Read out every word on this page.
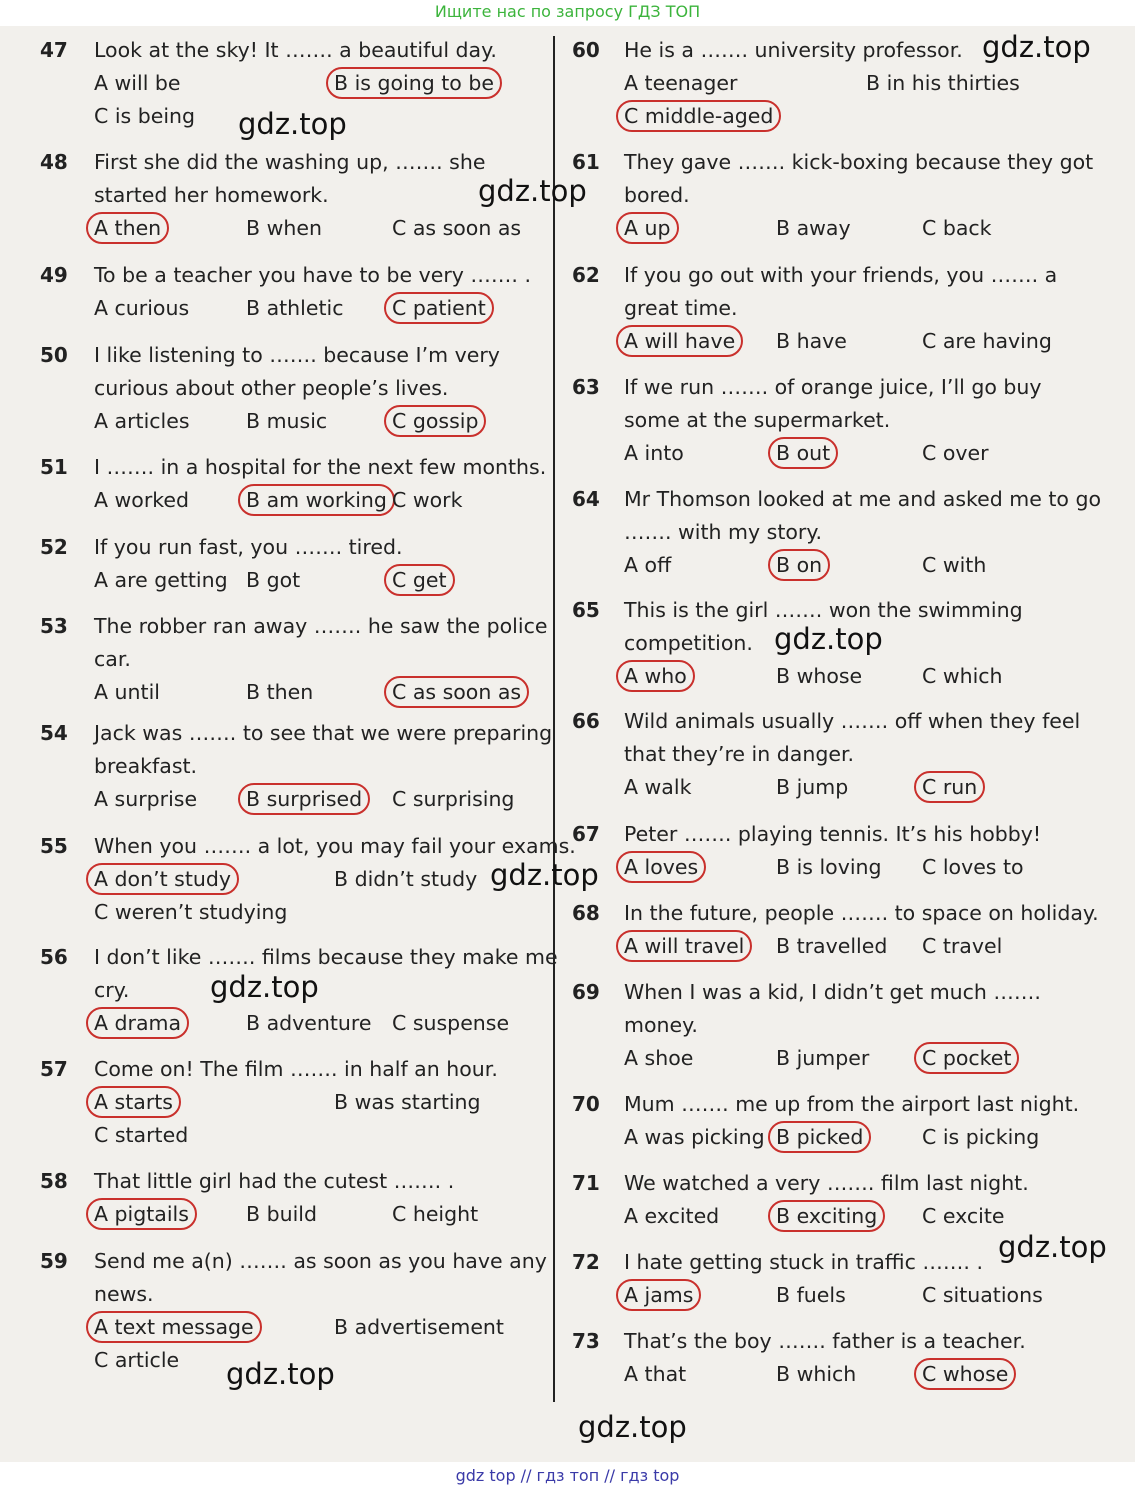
Ищите нас по запросу ГДЗ ТОП
47 Look at the sky! It ……. a beautiful day.
A will be	B is going to be
C is being
48 First she did the washing up, ……. she
started her homework.
A then	B when	C as soon as
49 To be a teacher you have to be very ……. .
A curious	B athletic C patient
50 I like listening to ……. because I’m very
curious about other people’s lives.
A articles	B music	C gossip
51 I ……. in a hospital for the next few months.
A worked	B am working C work
52 If you run fast, you ……. tired.
A are getting B got	C get
53 The robber ran away ……. he saw the police
car.
A until	B then	C as soon as
54 Jack was ……. to see that we were preparing
breakfast.
A surprise B surprised C surprising
55 When you ……. a lot, you may fail your exams.
A don’t study	B didn’t study
C weren’t studying
56 I don’t like ……. films because they make me
cry.
A drama	B adventure C suspense
57 Come on! The film ……. in half an hour.
A starts	B was starting
C started
58 That little girl had the cutest ……. .
A pigtails	B build	C height
59 Send me a(n) ……. as soon as you have any
news.
A text message	B advertisement
C article
60 He is a ……. university professor.
A teenager	B in his thirties
C middle-aged
61 They gave ……. kick-boxing because they got
bored.
A up	B away	C back
62 If you go out with your friends, you ……. a
great time.
A will have B have	C are having
63 If we run ……. of orange juice, I’ll go buy
some at the supermarket.
A into	B out	C over
64 Mr Thomson looked at me and asked me to go
……. with my story.
A off	B on	C with
65 This is the girl ……. won the swimming
competition.
A who	B whose	C which
66 Wild animals usually ……. off when they feel
that they’re in danger.
A walk	B jump	C run
67 Peter ……. playing tennis. It’s his hobby!
A loves	B is loving C loves to
68 In the future, people ……. to space on holiday.
A will travel B travelled C travel
69 When I was a kid, I didn’t get much …….
money.
A shoe	B jumper	C pocket
70 Mum ……. me up from the airport last night.
A was picking B picked	C is picking
71 We watched a very ……. film last night.
A excited	B exciting C excite
72 I hate getting stuck in traffic ……. .
A jams	B fuels	C situations
73 That’s the boy ……. father is a teacher.
A that	B which	C whose
gdz.top
gdz.top
gdz.top
gdz.top
gdz.top
gdz.top
gdz.top
gdz.top
gdz.top
gdz top // гдз топ // гдз top
